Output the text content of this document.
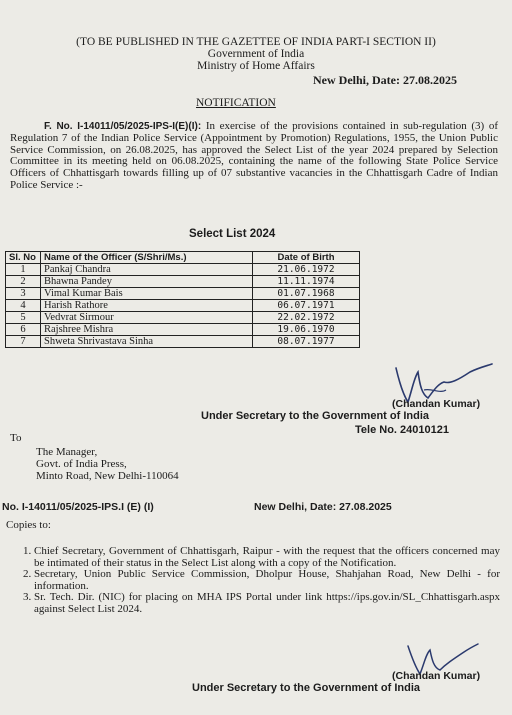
(TO BE PUBLISHED IN THE GAZETTEE OF INDIA PART-I SECTION II)
Government of India
Ministry of Home Affairs
New Delhi, Date: 27.08.2025
NOTIFICATION
F. No. I-14011/05/2025-IPS-I(E)(I): In exercise of the provisions contained in sub-regulation (3) of Regulation 7 of the Indian Police Service (Appointment by Promotion) Regulations, 1955, the Union Public Service Commission, on 26.08.2025, has approved the Select List of the year 2024 prepared by Selection Committee in its meeting held on 06.08.2025, containing the name of the following State Police Service Officers of Chhattisgarh towards filling up of 07 substantive vacancies in the Chhattisgarh Cadre of Indian Police Service :-
Select List 2024
Sl. No	Name of the Officer (S/Shri/Ms.)	Date of Birth
1	Pankaj Chandra	21.06.1972
2	Bhawna Pandey	11.11.1974
3	Vimal Kumar Bais	01.07.1968
4	Harish Rathore	06.07.1971
5	Vedvrat Sirmour	22.02.1972
6	Rajshree Mishra	19.06.1970
7	Shweta Shrivastava Sinha	08.07.1977
(Chandan Kumar)
Under Secretary to the Government of India
Tele No. 24010121
To
The Manager,
Govt. of India Press,
Minto Road, New Delhi-110064
No. I-14011/05/2025-IPS.I (E) (I)	New Delhi, Date: 27.08.2025
Copies to:
1. Chief Secretary, Government of Chhattisgarh, Raipur - with the request that the officers concerned may be intimated of their status in the Select List along with a copy of the Notification.
2. Secretary, Union Public Service Commission, Dholpur House, Shahjahan Road, New Delhi - for information.
3. Sr. Tech. Dir. (NIC) for placing on MHA IPS Portal under link https://ips.gov.in/SL_Chhattisgarh.aspx against Select List 2024.
(Chandan Kumar)
Under Secretary to the Government of India
